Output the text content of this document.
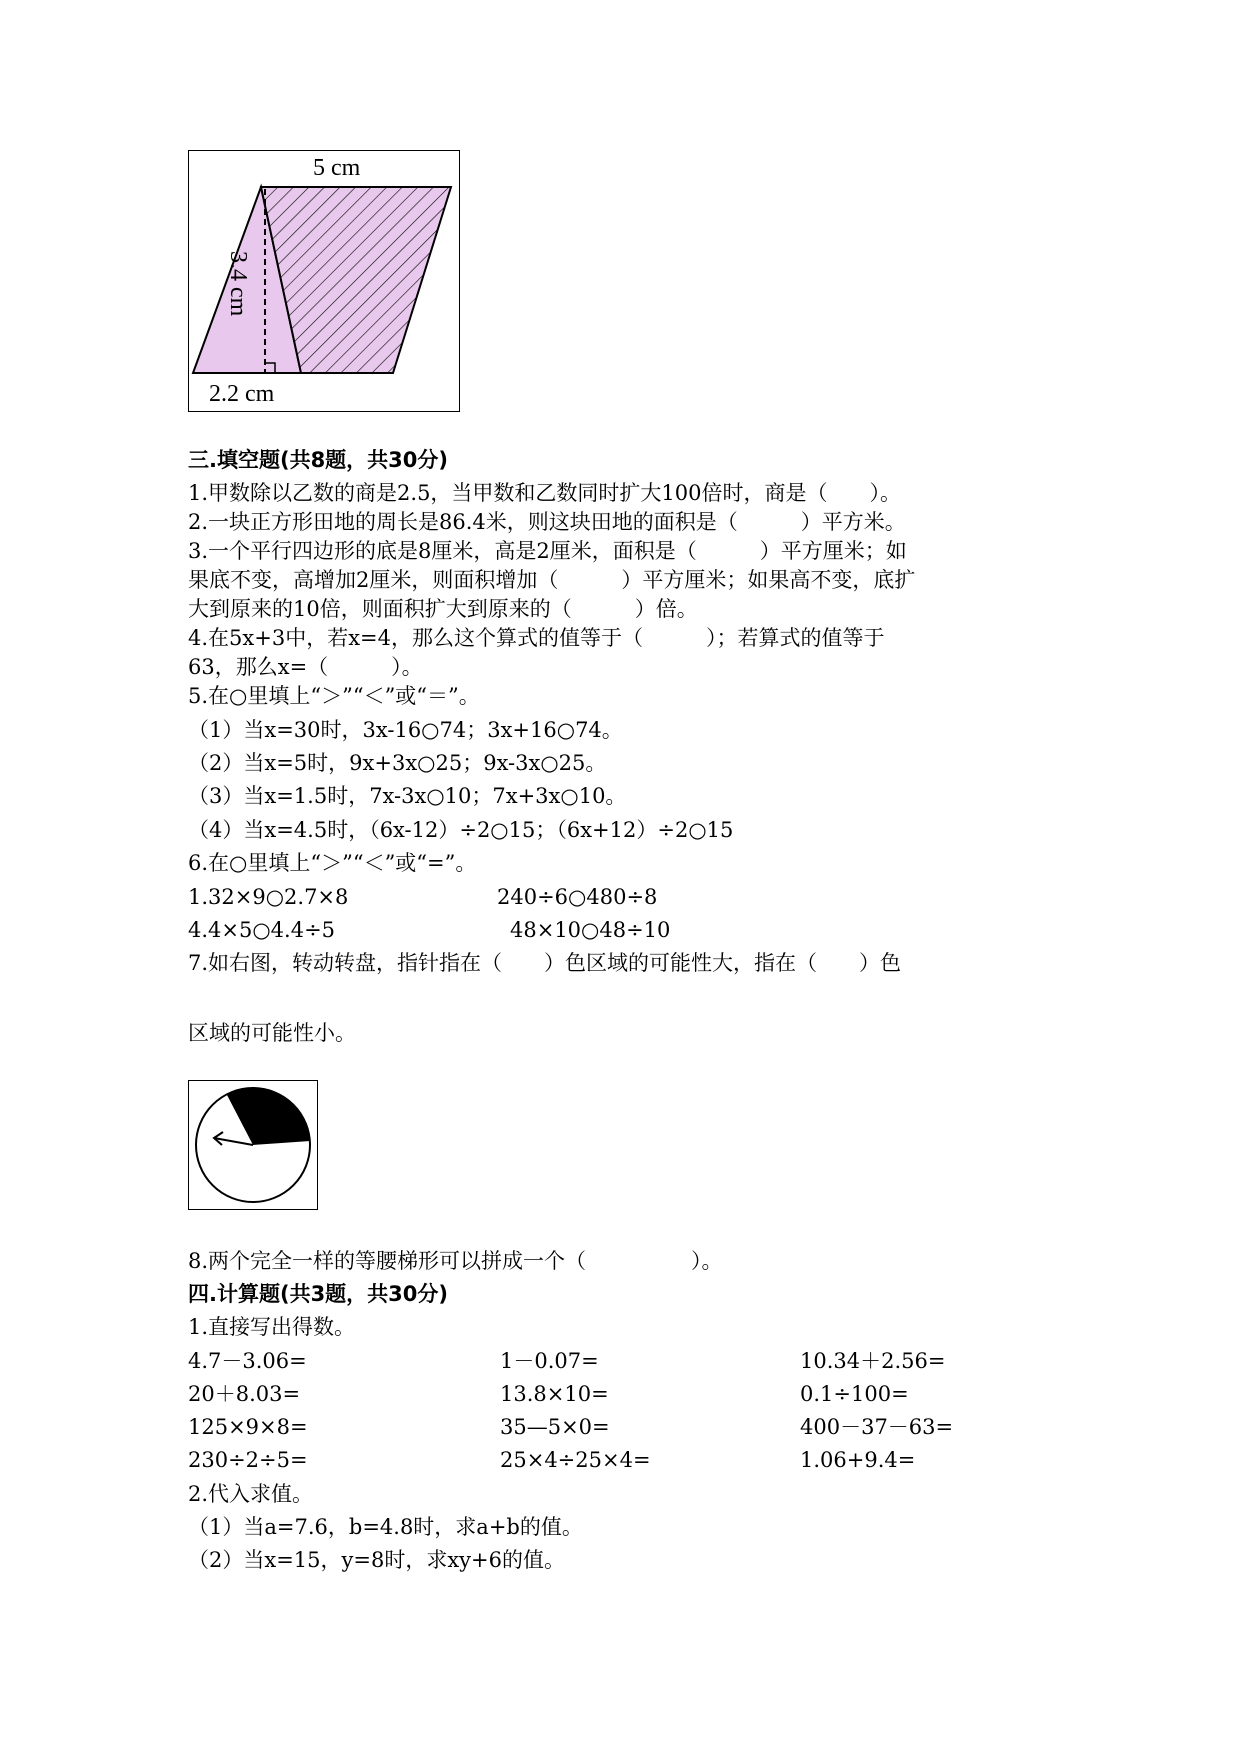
5 cm
3.4 cm
2.2 cm
三.填空题(共8题，共30分)
1.甲数除以乙数的商是2.5，当甲数和乙数同时扩大100倍时，商是（　　）。
2.一块正方形田地的周长是86.4米，则这块田地的面积是（　　　）平方米。
3.一个平行四边形的底是8厘米，高是2厘米，面积是（　　　）平方厘米；如
果底不变，高增加2厘米，则面积增加（　　　）平方厘米；如果高不变，底扩
大到原来的10倍，则面积扩大到原来的（　　　）倍。
4.在5x+3中，若x=4，那么这个算式的值等于（　　　）；若算式的值等于
63，那么x=（　　　）。
5.在○里填上“＞”“＜”或“＝”。
（1）当x=30时，3x-16○74；3x+16○74。
（2）当x=5时，9x+3x○25；9x-3x○25。
（3）当x=1.5时，7x-3x○10；7x+3x○10。
（4）当x=4.5时，（6x-12）÷2○15；（6x+12）÷2○15
6.在○里填上“＞”“＜”或“=”。
1.32×9○2.7×8	240÷6○480÷8
4.4×5○4.4÷5	48×10○48÷10
7.如右图，转动转盘，指针指在（　　）色区域的可能性大，指在（　　）色
区域的可能性小。
8.两个完全一样的等腰梯形可以拼成一个（　　　　　）。
四.计算题(共3题，共30分)
1.直接写出得数。
4.7－3.06=	1－0.07=	10.34＋2.56=
20＋8.03=	13.8×10=	0.1÷100=
125×9×8=	35—5×0=	400－37－63=
230÷2÷5=	25×4÷25×4=	1.06+9.4=
2.代入求值。
（1）当a=7.6，b=4.8时，求a+b的值。
（2）当x=15，y=8时，求xy+6的值。
